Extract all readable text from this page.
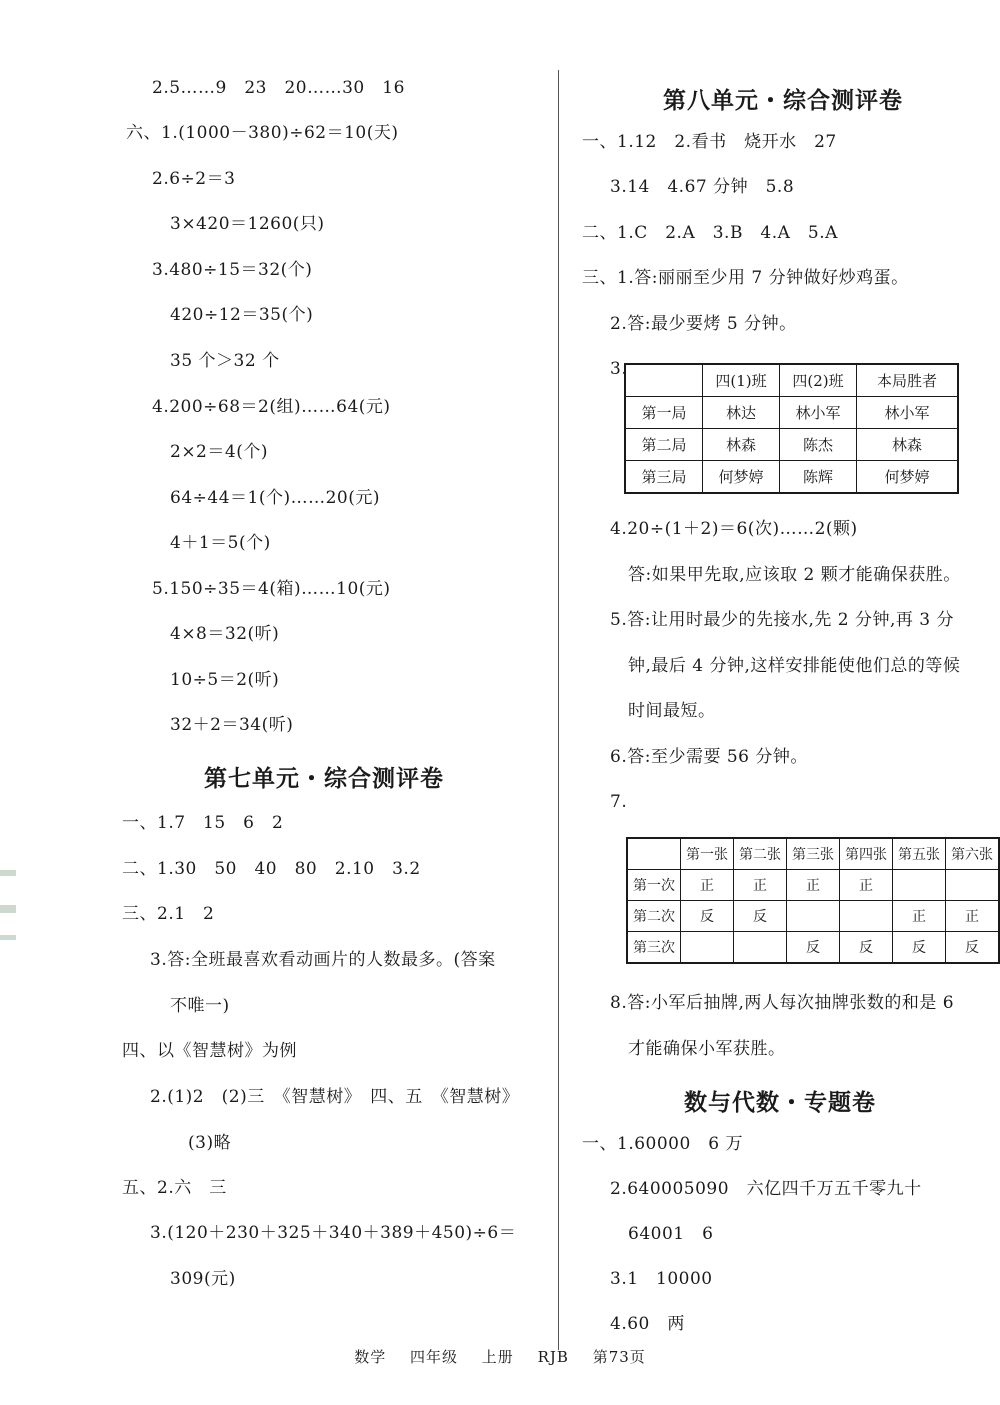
2.5……9　23　20……30　16
六、1.(1000－380)÷62＝10(天)
2.6÷2＝3
3×420＝1260(只)
3.480÷15＝32(个)
420÷12＝35(个)
35 个＞32 个
4.200÷68＝2(组)……64(元)
2×2＝4(个)
64÷44＝1(个)……20(元)
4＋1＝5(个)
5.150÷35＝4(箱)……10(元)
4×8＝32(听)
10÷5＝2(听)
32＋2＝34(听)
第七单元・综合测评卷
一、1.7　15　6　2
二、1.30　50　40　80　2.10　3.2
三、2.1　2
3.答:全班最喜欢看动画片的人数最多。(答案
不唯一)
四、以《智慧树》为例
2.(1)2　(2)三　《智慧树》　四、五　《智慧树》
(3)略
五、2.六　三
3.(120＋230＋325＋340＋389＋450)÷6＝
309(元)
第八单元・综合测评卷
一、1.12　2.看书　烧开水　27
3.14　4.67 分钟　5.8
二、1.C　2.A　3.B　4.A　5.A
三、1.答:丽丽至少用 7 分钟做好炒鸡蛋。
2.答:最少要烤 5 分钟。
3.
	四(1)班	四(2)班	本局胜者
第一局	林达	林小军	林小军
第二局	林森	陈杰	林森
第三局	何梦婷	陈辉	何梦婷
4.20÷(1＋2)＝6(次)……2(颗)
答:如果甲先取,应该取 2 颗才能确保获胜。
5.答:让用时最少的先接水,先 2 分钟,再 3 分
钟,最后 4 分钟,这样安排能使他们总的等候
时间最短。
6.答:至少需要 56 分钟。
7.
	第一张	第二张	第三张	第四张	第五张	第六张
第一次	正	正	正	正		
第二次	反	反			正	正
第三次			反	反	反	反
8.答:小军后抽牌,两人每次抽牌张数的和是 6
才能确保小军获胜。
数与代数・专题卷
一、1.60000　6 万
2.640005090　六亿四千万五千零九十
64001　6
3.1　10000
4.60　两
数学 四年级 上册 RJB 第73页
